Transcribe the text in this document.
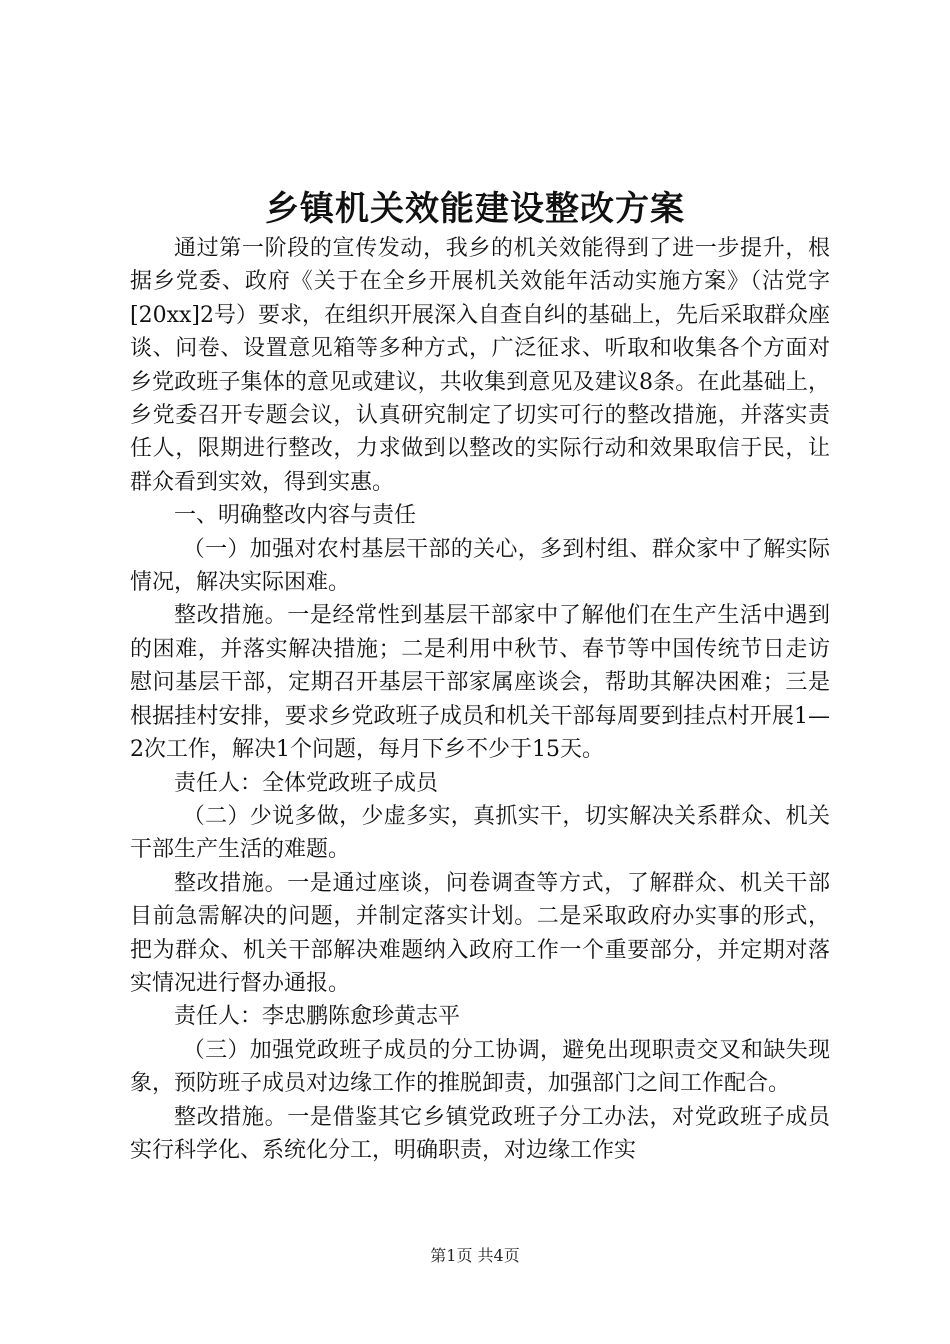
乡镇机关效能建设整改方案

通过第一阶段的宣传发动，我乡的机关效能得到了进一步提升，根据乡党委、政府《关于在全乡开展机关效能年活动实施方案》（沽党字[20xx]2号）要求，在组织开展深入自查自纠的基础上，先后采取群众座谈、问卷、设置意见箱等多种方式，广泛征求、听取和收集各个方面对乡党政班子集体的意见或建议，共收集到意见及建议8条。在此基础上，乡党委召开专题会议，认真研究制定了切实可行的整改措施，并落实责任人，限期进行整改，力求做到以整改的实际行动和效果取信于民，让群众看到实效，得到实惠。

一、明确整改内容与责任

（一）加强对农村基层干部的关心，多到村组、群众家中了解实际情况，解决实际困难。

整改措施。一是经常性到基层干部家中了解他们在生产生活中遇到的困难，并落实解决措施；二是利用中秋节、春节等中国传统节日走访慰问基层干部，定期召开基层干部家属座谈会，帮助其解决困难；三是根据挂村安排，要求乡党政班子成员和机关干部每周要到挂点村开展1—2次工作，解决1个问题，每月下乡不少于15天。

责任人：全体党政班子成员

（二）少说多做，少虚多实，真抓实干，切实解决关系群众、机关干部生产生活的难题。

整改措施。一是通过座谈，问卷调查等方式，了解群众、机关干部目前急需解决的问题，并制定落实计划。二是采取政府办实事的形式，把为群众、机关干部解决难题纳入政府工作一个重要部分，并定期对落实情况进行督办通报。

责任人：李忠鹏陈愈珍黄志平

（三）加强党政班子成员的分工协调，避免出现职责交叉和缺失现象，预防班子成员对边缘工作的推脱卸责，加强部门之间工作配合。

整改措施。一是借鉴其它乡镇党政班子分工办法，对党政班子成员实行科学化、系统化分工，明确职责，对边缘工作实

第1页 共4页
